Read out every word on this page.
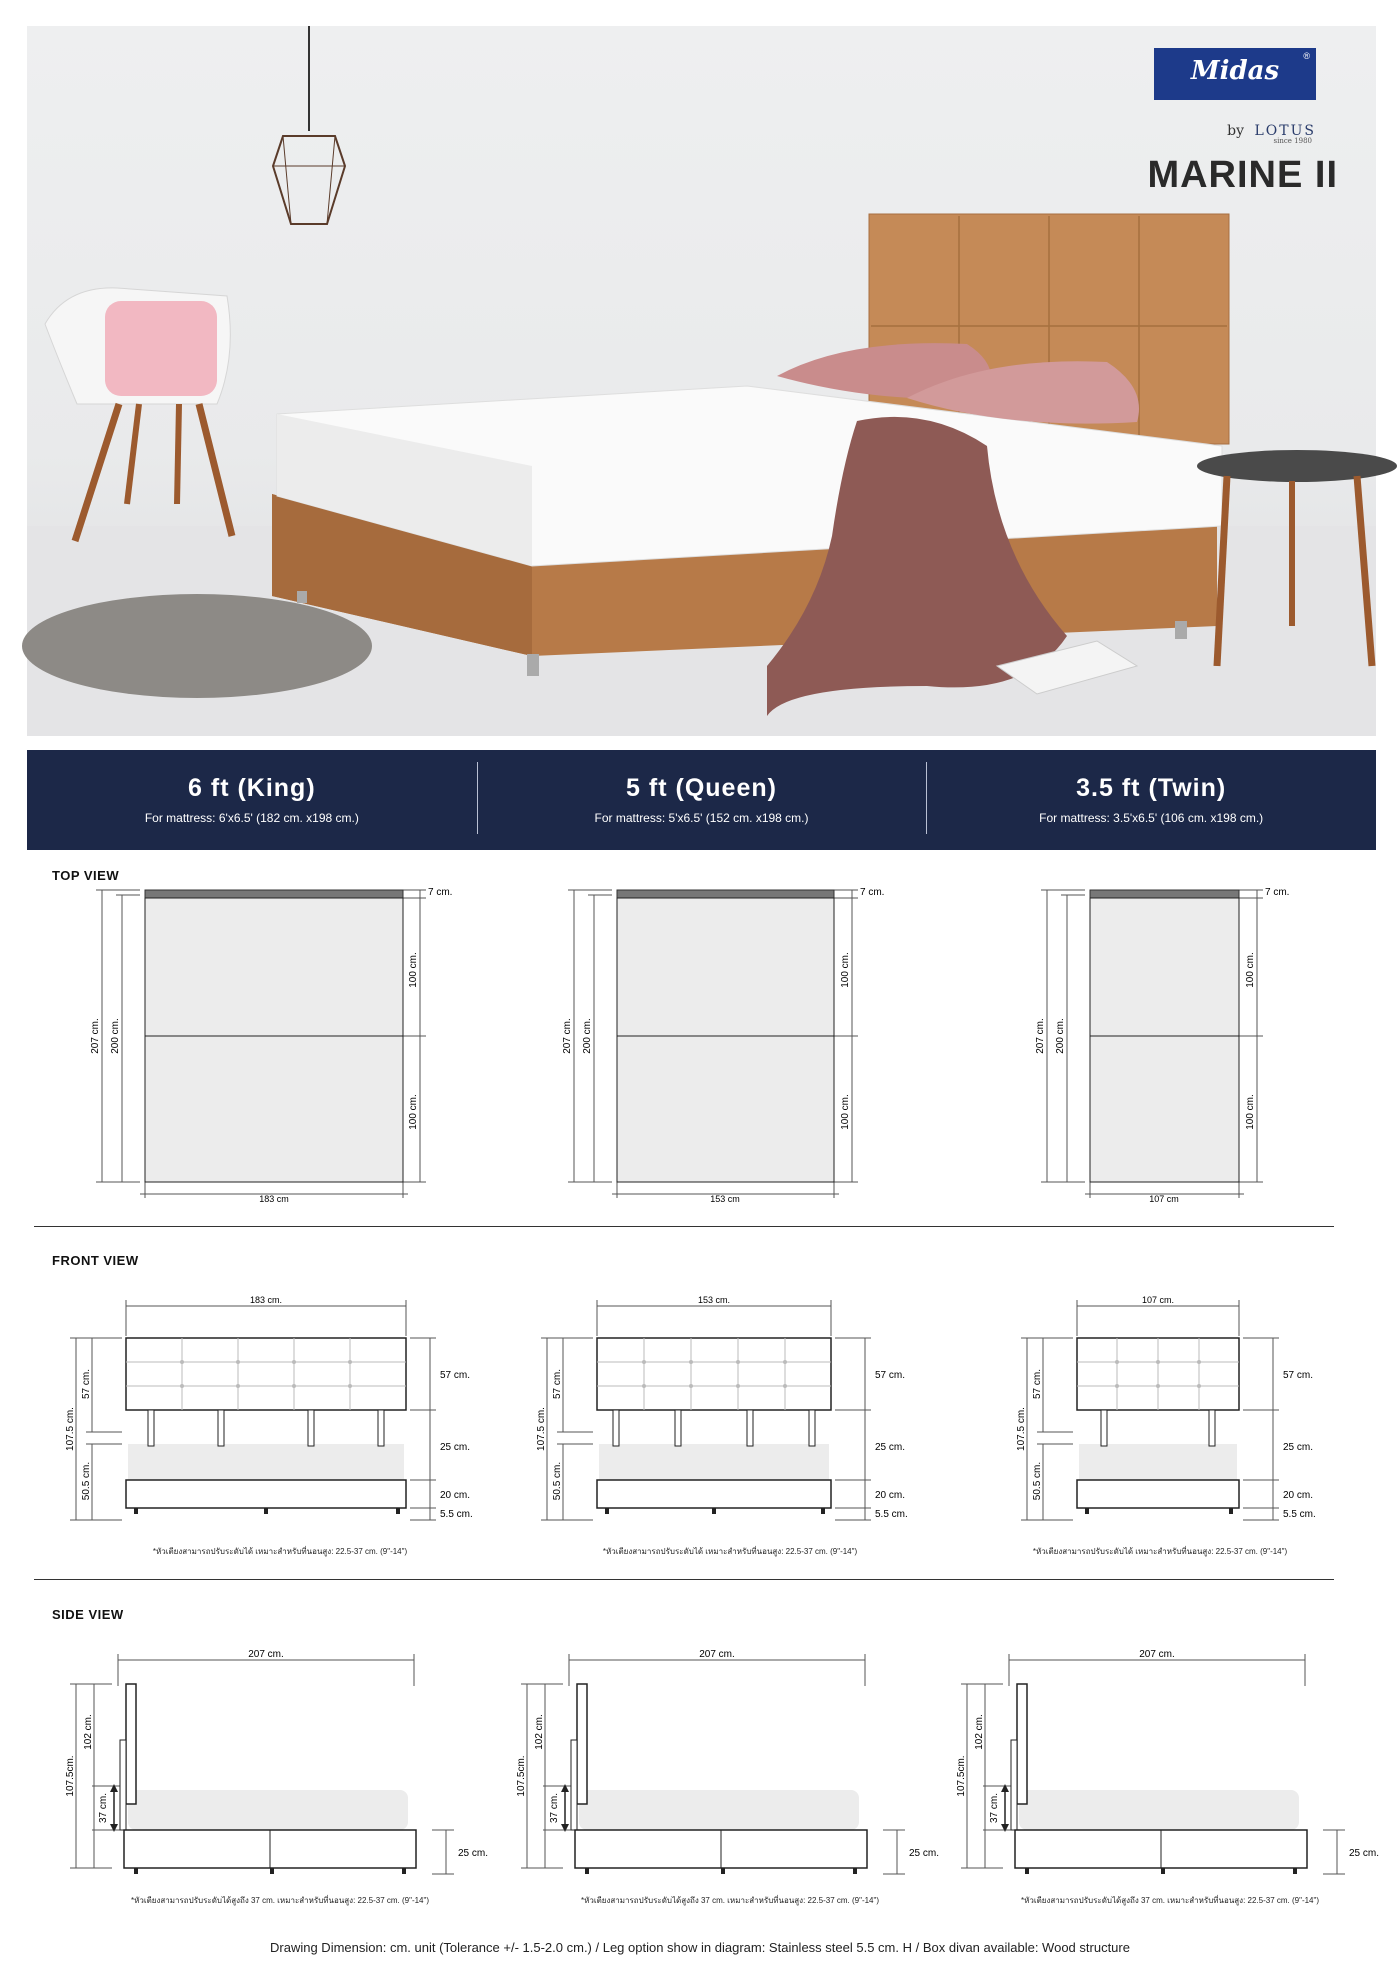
Midas	®
by LOTUS
since 1980
MARINE II
6 ft (King)
For mattress: 6'x6.5' (182 cm. x198 cm.)
5 ft (Queen)
For mattress: 5'x6.5' (152 cm. x198 cm.)
3.5 ft (Twin)
For mattress: 3.5'x6.5' (106 cm. x198 cm.)
TOP VIEW
7 cm.
100 cm.
100 cm.
207 cm. 200 cm.
183 cm
7 cm.
100 cm.
100 cm.
207 cm. 200 cm.
153 cm
7 cm.
100 cm.
100 cm.
207 cm. 200 cm.
107 cm
FRONT VIEW
183 cm.
107.5 cm.
57 cm.
50.5 cm.
57 cm.
25 cm.
20 cm.
5.5 cm.
*หัวเตียงสามารถปรับระดับได้ เหมาะสำหรับที่นอนสูง: 22.5-37 cm. (9"-14")
153 cm.
107.5 cm.
57 cm.
50.5 cm.
57 cm.
25 cm.
20 cm.
5.5 cm.
*หัวเตียงสามารถปรับระดับได้ เหมาะสำหรับที่นอนสูง: 22.5-37 cm. (9"-14")
107 cm.
107.5 cm.
57 cm.
50.5 cm.
57 cm.
25 cm.
20 cm.
5.5 cm.
*หัวเตียงสามารถปรับระดับได้ เหมาะสำหรับที่นอนสูง: 22.5-37 cm. (9"-14")
SIDE VIEW
207 cm.
107.5cm.
102 cm.
37 cm.
25 cm.
*หัวเตียงสามารถปรับระดับได้สูงถึง 37 cm. เหมาะสำหรับที่นอนสูง: 22.5-37 cm. (9"-14")
207 cm.
107.5cm.
102 cm.
37 cm.
25 cm.
*หัวเตียงสามารถปรับระดับได้สูงถึง 37 cm. เหมาะสำหรับที่นอนสูง: 22.5-37 cm. (9"-14")
207 cm.
107.5cm.
102 cm.
37 cm.
25 cm.
*หัวเตียงสามารถปรับระดับได้สูงถึง 37 cm. เหมาะสำหรับที่นอนสูง: 22.5-37 cm. (9"-14")
Drawing Dimension: cm. unit (Tolerance +/- 1.5-2.0 cm.) / Leg option show in diagram: Stainless steel 5.5 cm. H / Box divan available: Wood structure
